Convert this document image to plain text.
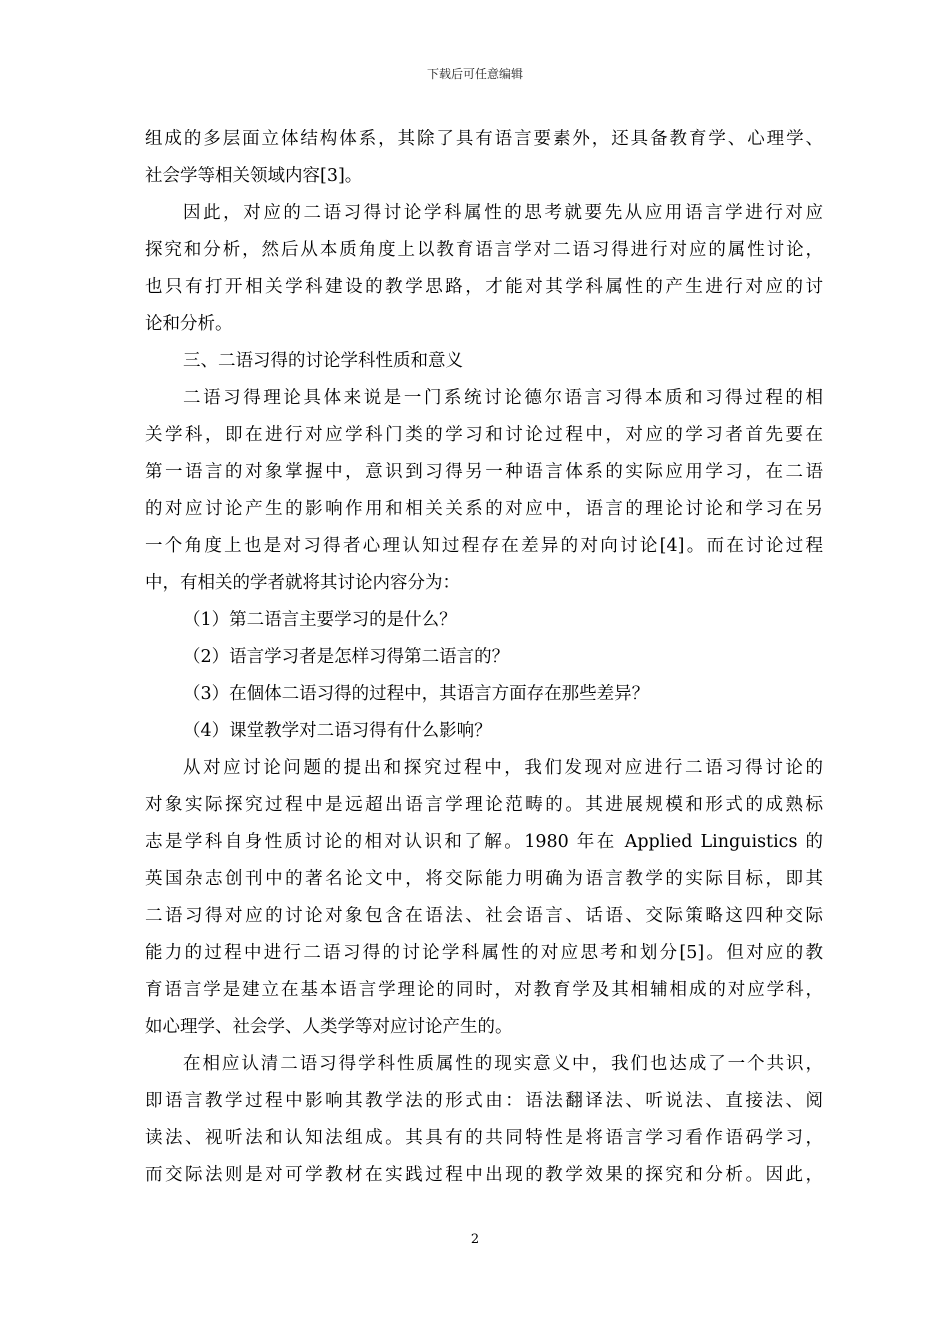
下载后可任意编辑
组成的多层面立体结构体系，其除了具有语言要素外，还具备教育学、心理学、
社会学等相关领域内容[3]。
因此，对应的二语习得讨论学科属性的思考就要先从应用语言学进行对应
探究和分析，然后从本质角度上以教育语言学对二语习得进行对应的属性讨论，
也只有打开相关学科建设的教学思路，才能对其学科属性的产生进行对应的讨
论和分析。
三、二语习得的讨论学科性质和意义
二语习得理论具体来说是一门系统讨论德尔语言习得本质和习得过程的相
关学科，即在进行对应学科门类的学习和讨论过程中，对应的学习者首先要在
第一语言的对象掌握中，意识到习得另一种语言体系的实际应用学习，在二语
的对应讨论产生的影响作用和相关关系的对应中，语言的理论讨论和学习在另
一个角度上也是对习得者心理认知过程存在差异的对向讨论[4]。而在讨论过程
中，有相关的学者就将其讨论内容分为：
（1）第二语言主要学习的是什么？
（2）语言学习者是怎样习得第二语言的？
（3）在個体二语习得的过程中，其语言方面存在那些差异？
（4）课堂教学对二语习得有什么影响？
从对应讨论问题的提出和探究过程中，我们发现对应进行二语习得讨论的
对象实际探究过程中是远超出语言学理论范畴的。其进展规模和形式的成熟标
志是学科自身性质讨论的相对认识和了解。1980 年在 Applied Linguistics 的
英国杂志创刊中的著名论文中，将交际能力明确为语言教学的实际目标，即其
二语习得对应的讨论对象包含在语法、社会语言、话语、交际策略这四种交际
能力的过程中进行二语习得的讨论学科属性的对应思考和划分[5]。但对应的教
育语言学是建立在基本语言学理论的同时，对教育学及其相辅相成的对应学科，
如心理学、社会学、人类学等对应讨论产生的。
在相应认清二语习得学科性质属性的现实意义中，我们也达成了一个共识，
即语言教学过程中影响其教学法的形式由：语法翻译法、听说法、直接法、阅
读法、视听法和认知法组成。其具有的共同特性是将语言学习看作语码学习，
而交际法则是对可学教材在实践过程中出现的教学效果的探究和分析。因此，
2
